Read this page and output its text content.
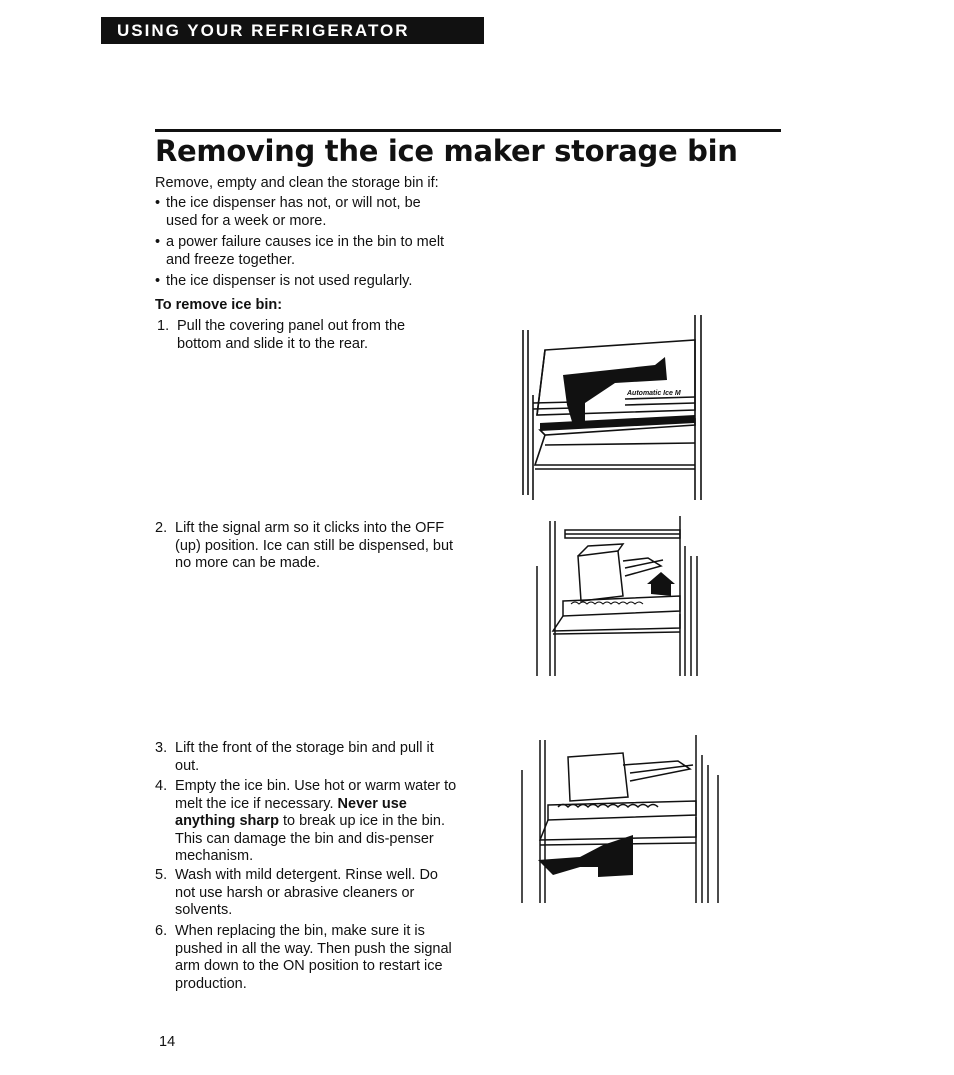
USING YOUR REFRIGERATOR
Removing the ice maker storage bin
Remove, empty and clean the storage bin if:
• the ice dispenser has not, or will not, be used for a week or more.
• a power failure causes ice in the bin to melt and freeze together.
• the ice dispenser is not used regularly.
To remove ice bin:
1. Pull the covering panel out from the bottom and slide it to the rear.
2. Lift the signal arm so it clicks into the OFF (up) position. Ice can still be dispensed, but no more can be made.
3. Lift the front of the storage bin and pull it out.
4. Empty the ice bin. Use hot or warm water to melt the ice if necessary. Never use anything sharp to break up ice in the bin. This can damage the bin and dis-penser mechanism.
5. Wash with mild detergent. Rinse well. Do not use harsh or abrasive cleaners or solvents.
6. When replacing the bin, make sure it is pushed in all the way. Then push the signal arm down to the ON position to restart ice production.
Automatic Ice M
14
